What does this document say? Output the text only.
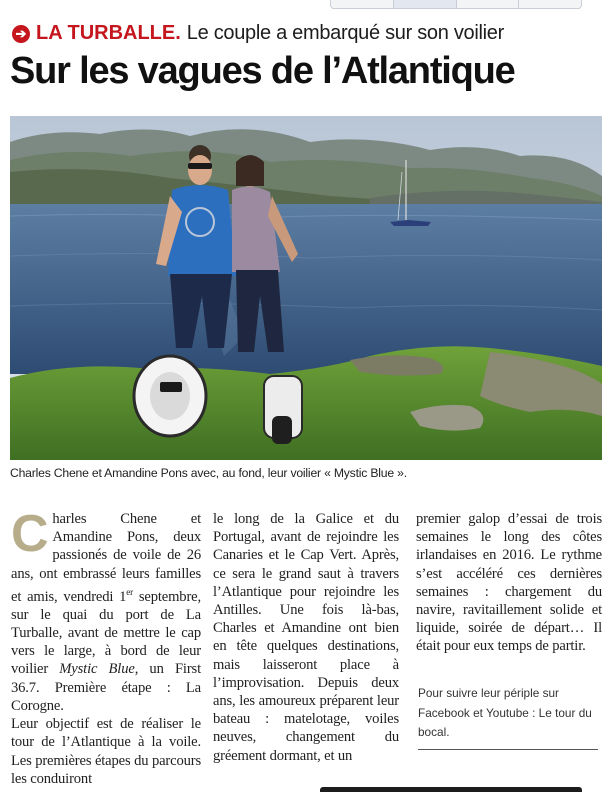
➔ LA TURBALLE. Le couple a embarqué sur son voilier
Sur les vagues de l’Atlantique
Charles Chene et Amandine Pons avec, au fond, leur voilier « Mystic Blue ».

Charles Chene et Amandine Pons, deux passionés de voile de 26 ans, ont embrassé leurs familles et amis, vendredi 1er septembre, sur le quai du port de La Turballe, avant de mettre le cap vers le large, à bord de leur voilier Mystic Blue, un First 36.7. Première étape : La Corogne.

Leur objectif est de réaliser le tour de l’Atlantique à la voile. Les premières étapes du parcours les conduiront

le long de la Galice et du Portugal, avant de rejoindre les Canaries et le Cap Vert. Après, ce sera le grand saut à travers l’Atlantique pour rejoindre les Antilles. Une fois là-bas, Charles et Amandine ont bien en tête quelques destinations, mais laisseront place à l’improvisation. Depuis deux ans, les amoureux préparent leur bateau : matelotage, voiles neuves, changement du gréement dormant, et un

premier galop d’essai de trois semaines le long des côtes irlandaises en 2016. Le rythme s’est accéléré ces dernières semaines : chargement du navire, ravitaillement solide et liquide, soirée de départ… Il était pour eux temps de partir.

Pour suivre leur périple sur Facebook et Youtube : Le tour du bocal.
